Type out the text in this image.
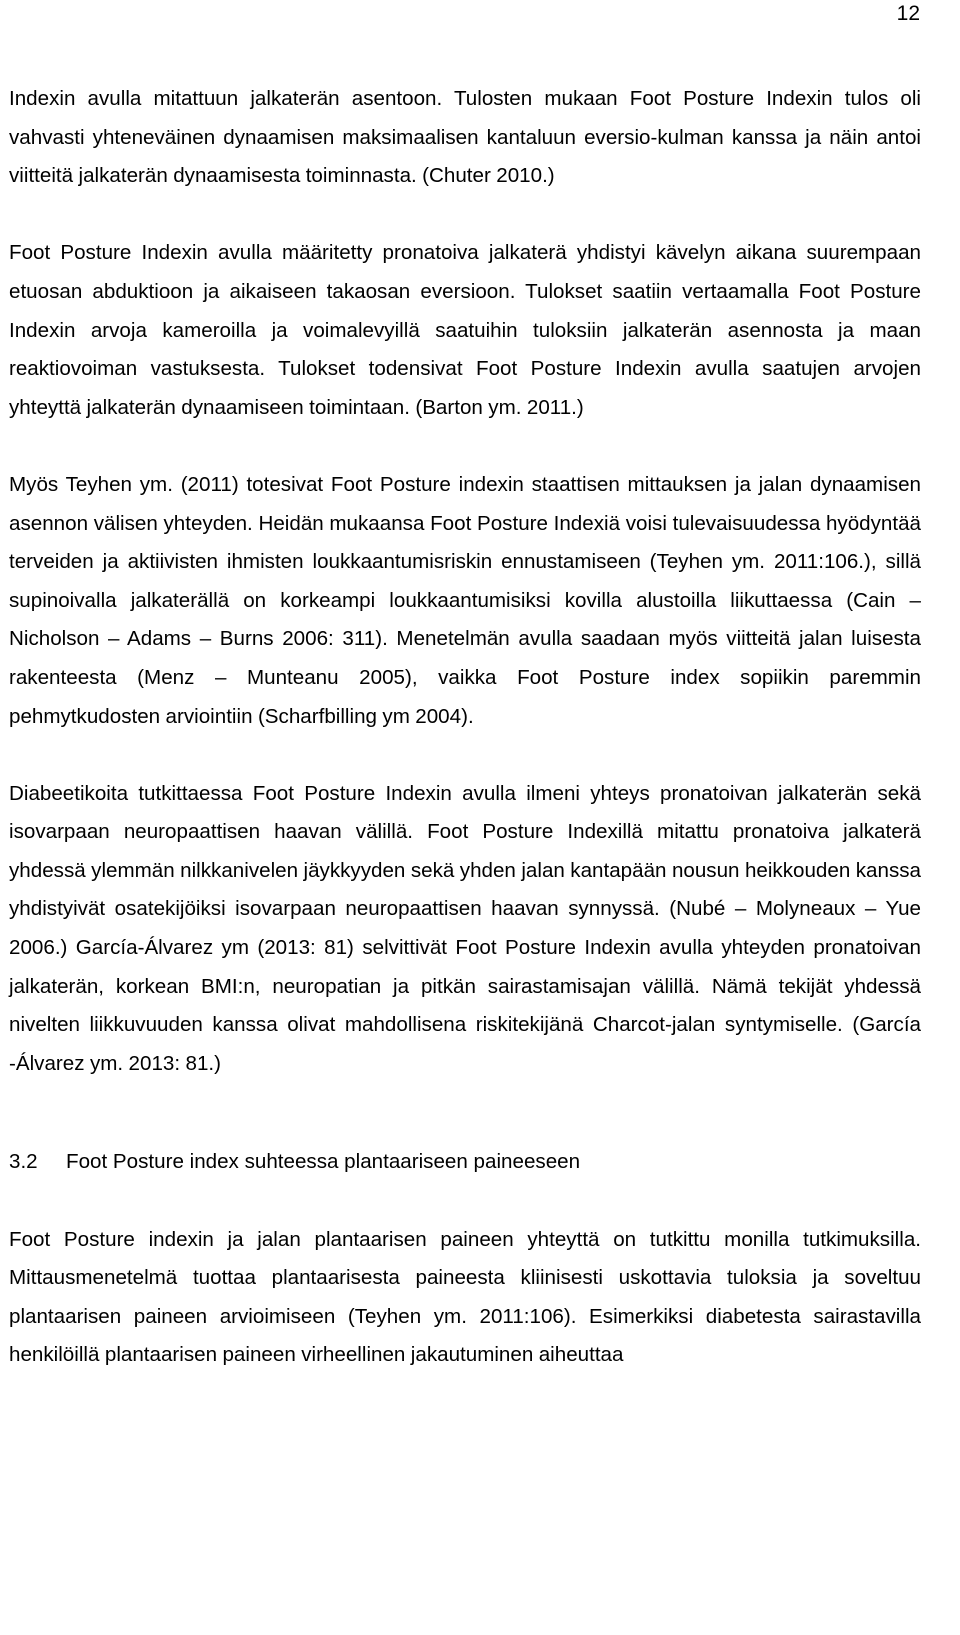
12

Indexin avulla mitattuun jalkaterän asentoon. Tulosten mukaan Foot Posture Indexin tulos oli vahvasti yhteneväinen dynaamisen maksimaalisen kantaluun eversio-kulman kanssa ja näin antoi viitteitä jalkaterän dynaamisesta toiminnasta. (Chuter 2010.)

Foot Posture Indexin avulla määritetty pronatoiva jalkaterä yhdistyi kävelyn aikana suurempaan etuosan abduktioon ja aikaiseen takaosan eversioon. Tulokset saatiin vertaamalla Foot Posture Indexin arvoja kameroilla ja voimalevyillä saatuihin tuloksiin jalkaterän asennosta ja maan reaktiovoiman vastuksesta. Tulokset todensivat Foot Posture Indexin avulla saatujen arvojen yhteyttä jalkaterän dynaamiseen toimintaan. (Barton ym. 2011.)

Myös Teyhen ym. (2011) totesivat Foot Posture indexin staattisen mittauksen ja jalan dynaamisen asennon välisen yhteyden. Heidän mukaansa Foot Posture Indexiä voisi tulevaisuudessa hyödyntää terveiden ja aktiivisten ihmisten loukkaantumisriskin ennustamiseen (Teyhen ym. 2011:106.), sillä supinoivalla jalkaterällä on korkeampi loukkaantumisiksi kovilla alustoilla liikuttaessa (Cain – Nicholson – Adams – Burns 2006: 311). Menetelmän avulla saadaan myös viitteitä jalan luisesta rakenteesta (Menz – Munteanu 2005), vaikka Foot Posture index sopiikin paremmin pehmytkudosten arviointiin (Scharfbilling ym 2004).

Diabeetikoita tutkittaessa Foot Posture Indexin avulla ilmeni yhteys pronatoivan jalkaterän sekä isovarpaan neuropaattisen haavan välillä. Foot Posture Indexillä mitattu pronatoiva jalkaterä yhdessä ylemmän nilkkanivelen jäykkyyden sekä yhden jalan kantapään nousun heikkouden kanssa yhdistyivät osatekijöiksi isovarpaan neuropaattisen haavan synnyssä. (Nubé – Molyneaux – Yue 2006.) García-Álvarez ym (2013: 81) selvittivät Foot Posture Indexin avulla yhteyden pronatoivan jalkaterän, korkean BMI:n, neuropatian ja pitkän sairastamisajan välillä. Nämä tekijät yhdessä nivelten liikkuvuuden kanssa olivat mahdollisena riskitekijänä Charcot-jalan syntymiselle. (García -Álvarez ym. 2013: 81.)

3.2	Foot Posture index suhteessa plantaariseen paineeseen

Foot Posture indexin ja jalan plantaarisen paineen yhteyttä on tutkittu monilla tutkimuksilla. Mittausmenetelmä tuottaa plantaarisesta paineesta kliinisesti uskottavia tuloksia ja soveltuu plantaarisen paineen arvioimiseen (Teyhen ym. 2011:106). Esimerkiksi diabetesta sairastavilla henkilöillä plantaarisen paineen virheellinen jakautuminen aiheuttaa
